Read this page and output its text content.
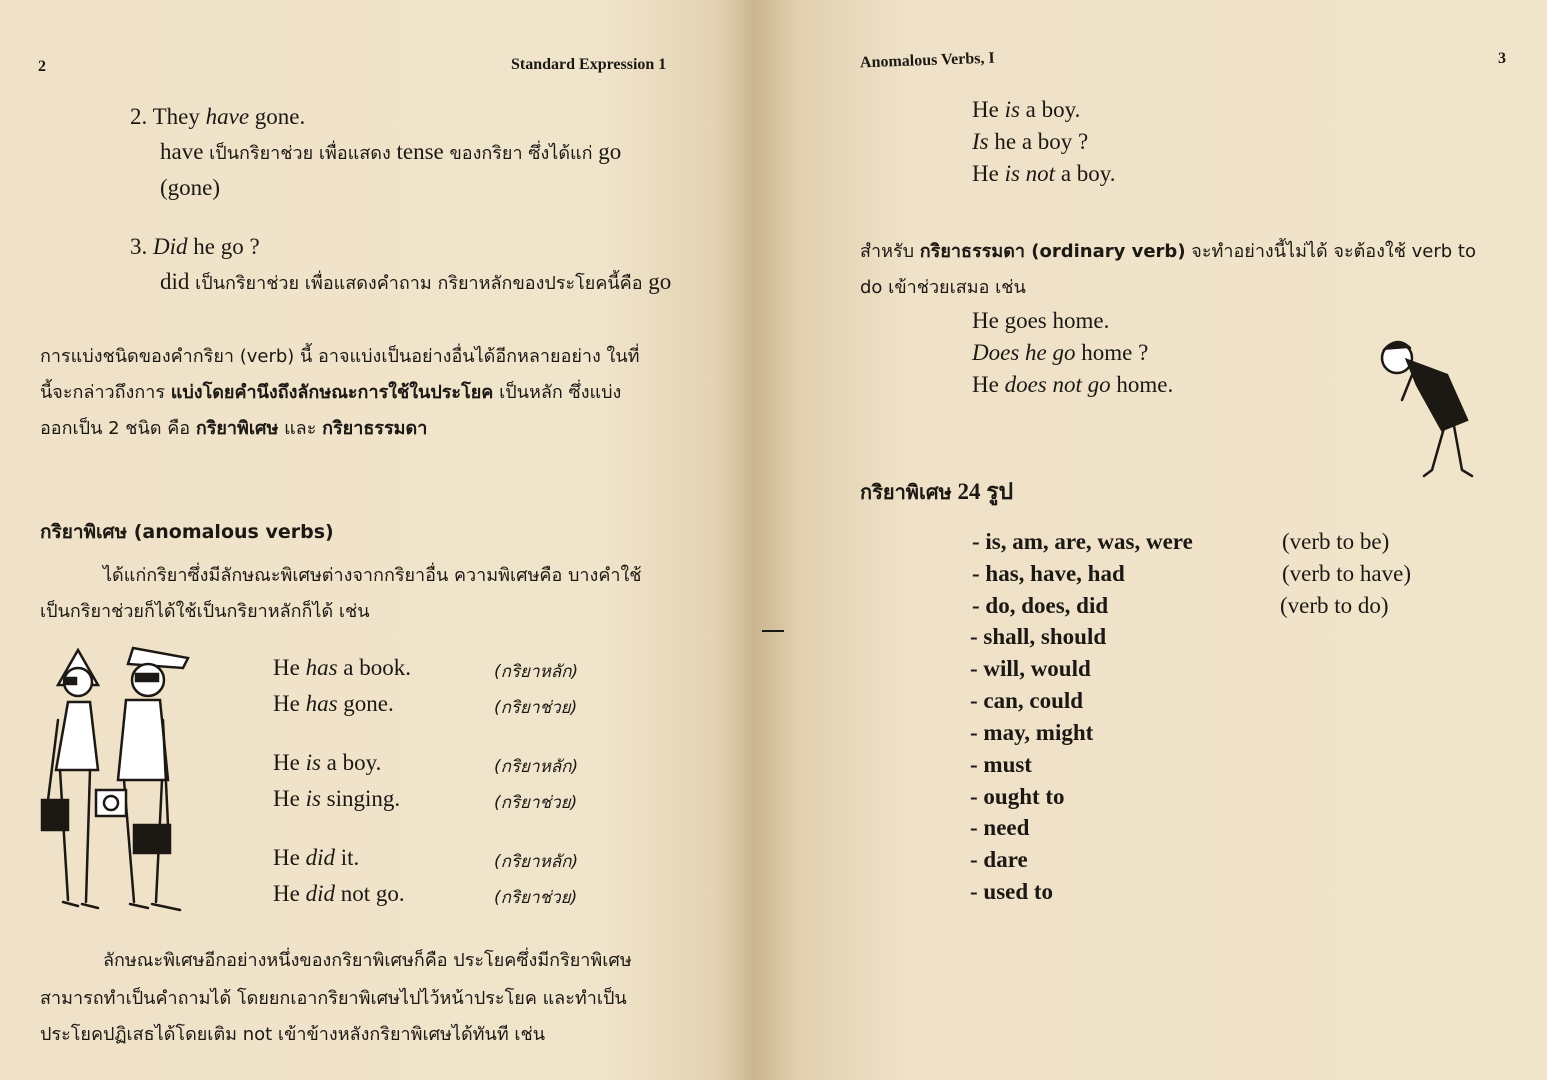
2	Standard Expression 1
2. They have gone.
have เป็นกริยาช่วย เพื่อแสดง tense ของกริยา ซึ่งได้แก่ go
(gone)
3. Did he go ?
did เป็นกริยาช่วย เพื่อแสดงคำถาม กริยาหลักของประโยคนี้คือ go
การแบ่งชนิดของคำกริยา (verb) นี้ อาจแบ่งเป็นอย่างอื่นได้อีกหลายอย่าง ในที่
นี้จะกล่าวถึงการ แบ่งโดยคำนึงถึงลักษณะการใช้ในประโยค เป็นหลัก ซึ่งแบ่ง
ออกเป็น 2 ชนิด คือ กริยาพิเศษ และ กริยาธรรมดา
กริยาพิเศษ (anomalous verbs)
ได้แก่กริยาซึ่งมีลักษณะพิเศษต่างจากกริยาอื่น ความพิเศษคือ บางคำใช้
เป็นกริยาช่วยก็ได้ใช้เป็นกริยาหลักก็ได้ เช่น
He has a book.	(กริยาหลัก)
He has gone.	(กริยาช่วย)
He is a boy.	(กริยาหลัก)
He is singing.	(กริยาช่วย)
He did it.	(กริยาหลัก)
He did not go.	(กริยาช่วย)
ลักษณะพิเศษอีกอย่างหนึ่งของกริยาพิเศษก็คือ ประโยคซึ่งมีกริยาพิเศษ
สามารถทำเป็นคำถามได้ โดยยกเอากริยาพิเศษไปไว้หน้าประโยค และทำเป็น
ประโยคปฏิเสธได้โดยเติม not เข้าข้างหลังกริยาพิเศษได้ทันที เช่น
Anomalous Verbs, I	3
He is a boy.
Is he a boy ?
He is not a boy.
สำหรับ กริยาธรรมดา (ordinary verb) จะทำอย่างนี้ไม่ได้ จะต้องใช้ verb to
do เข้าช่วยเสมอ เช่น
He goes home.
Does he go home ?
He does not go home.
กริยาพิเศษ 24 รูป
- is, am, are, was, were	(verb to be)
- has, have, had	(verb to have)
- do, does, did	(verb to do)
- shall, should
- will, would
- can, could
- may, might
- must
- ought to
- need
- dare
- used to
